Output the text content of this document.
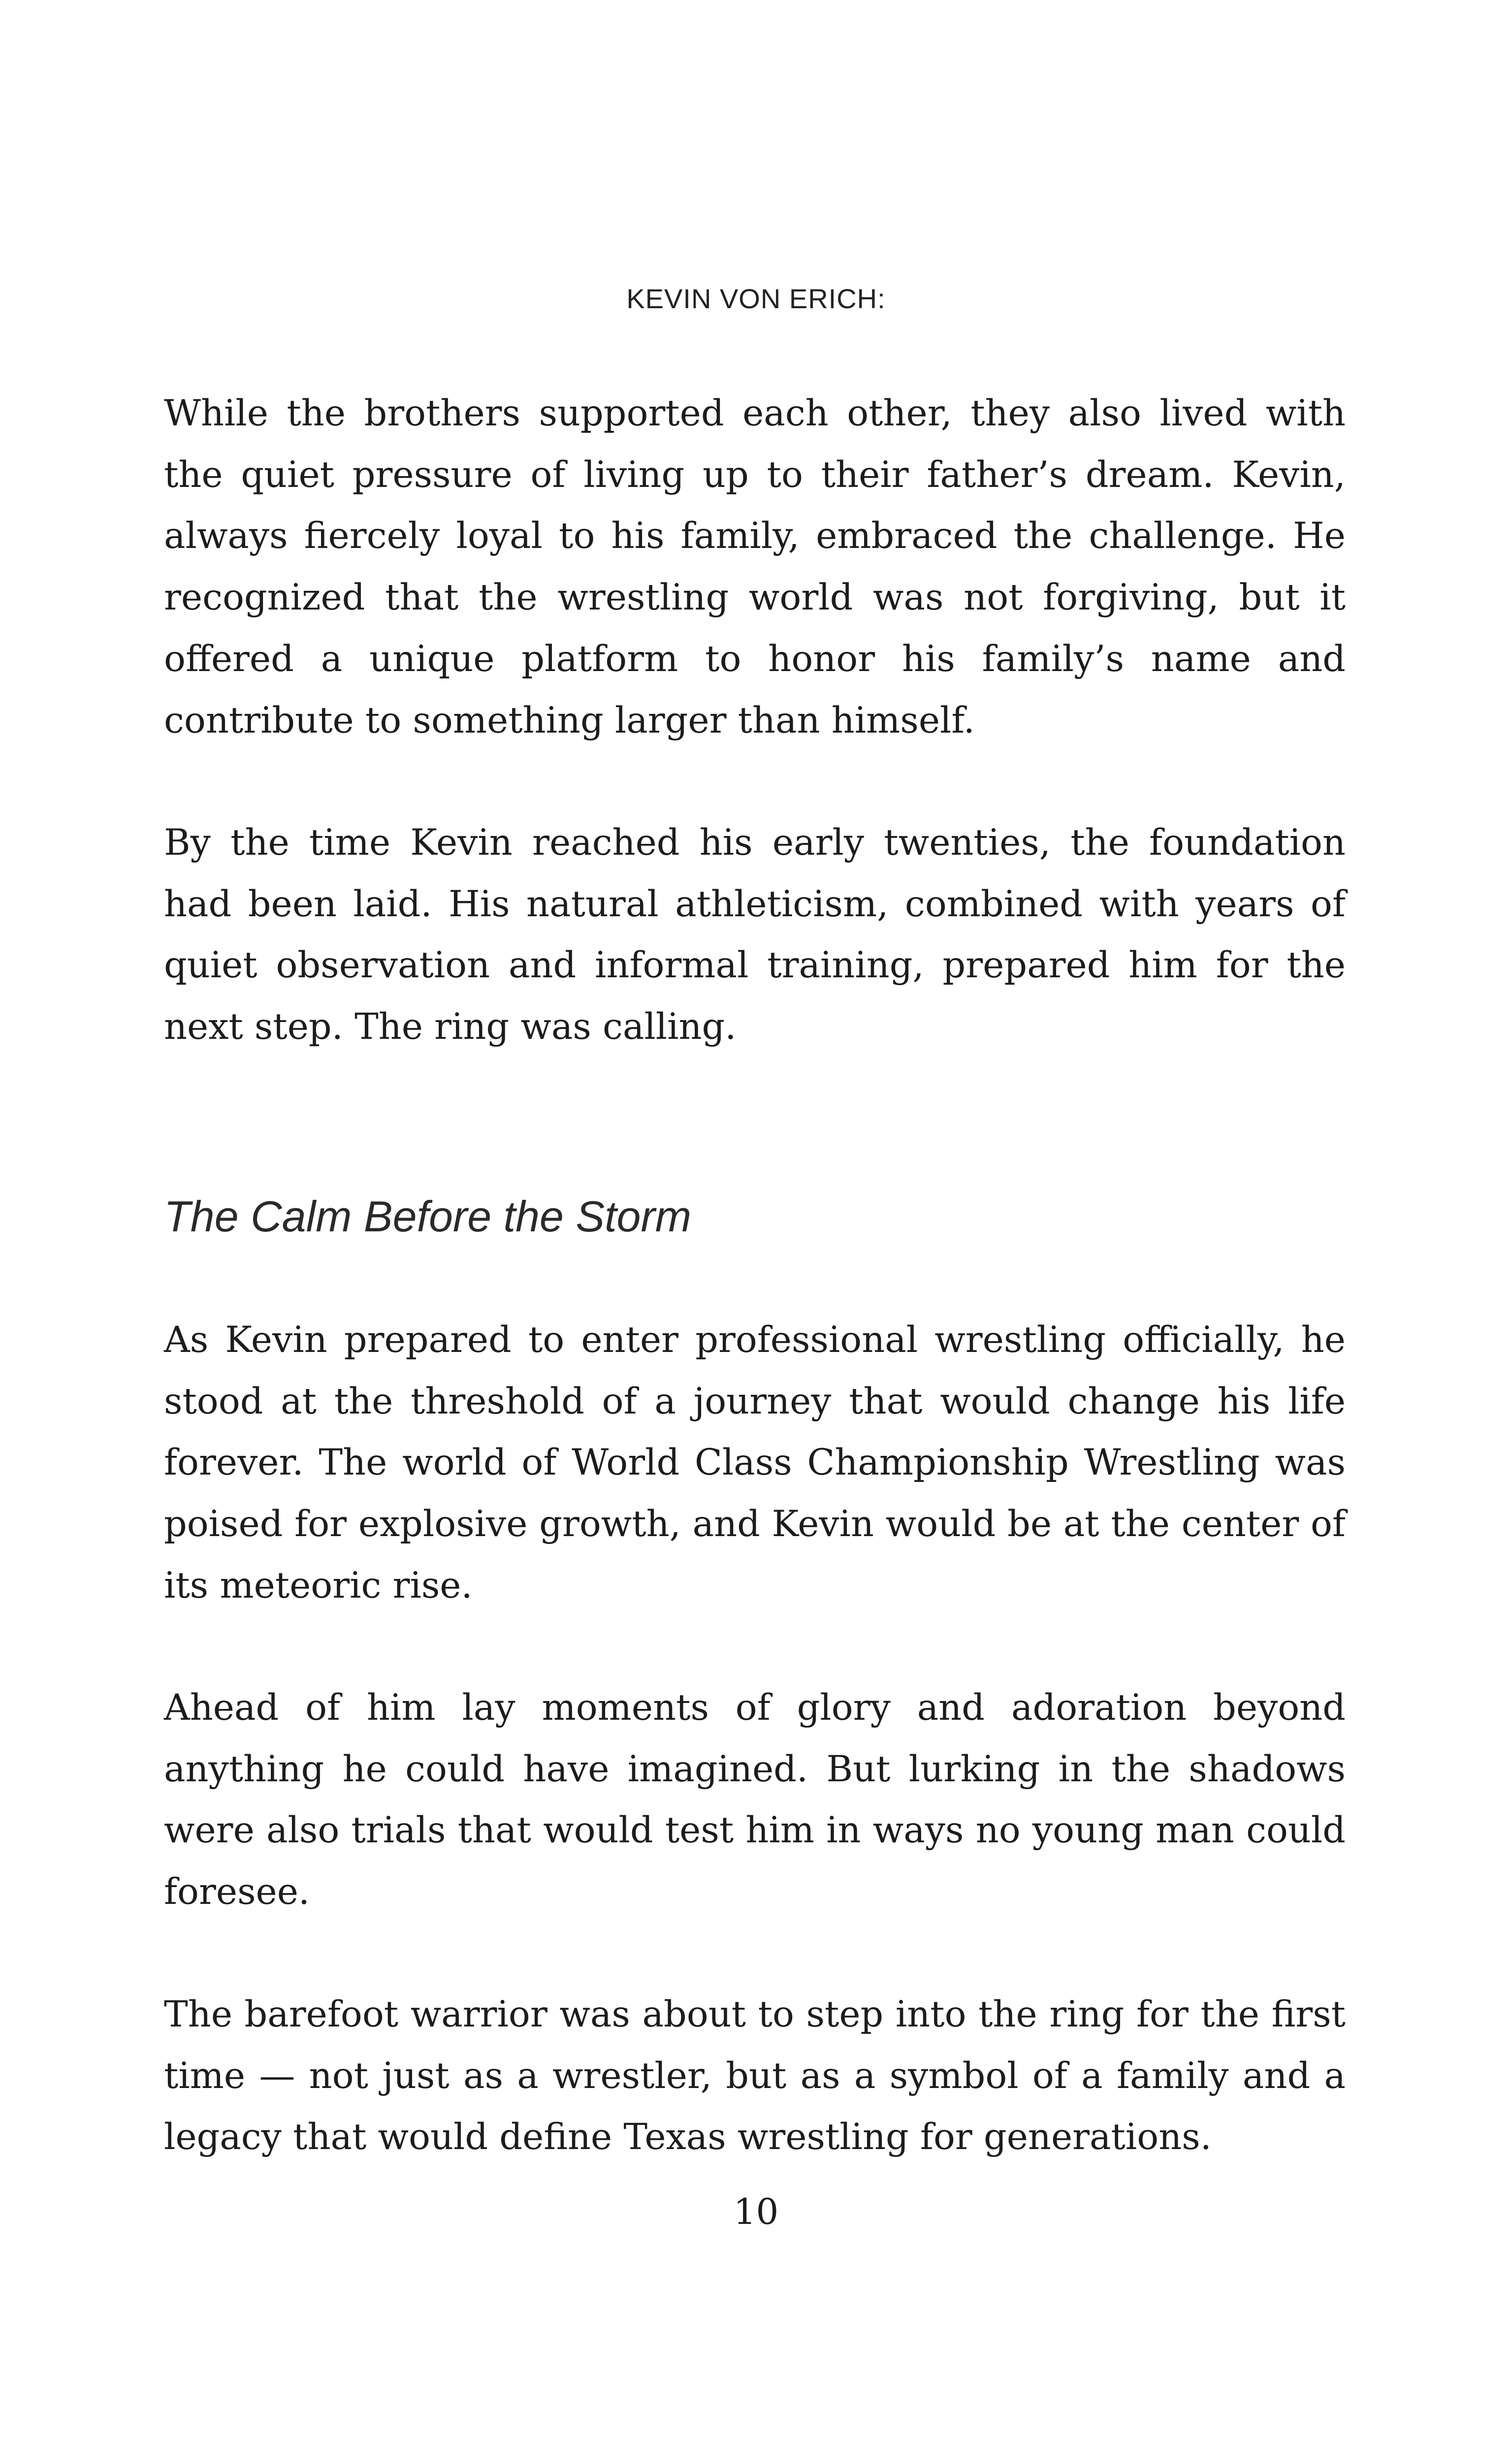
KEVIN VON ERICH:

While the brothers supported each other, they also lived with the quiet pressure of living up to their father’s dream. Kevin, always fiercely loyal to his family, embraced the challenge. He recognized that the wrestling world was not forgiving, but it offered a unique platform to honor his family’s name and contribute to something larger than himself.

By the time Kevin reached his early twenties, the foundation had been laid. His natural athleticism, combined with years of quiet observation and informal training, prepared him for the next step. The ring was calling.

The Calm Before the Storm

As Kevin prepared to enter professional wrestling officially, he stood at the threshold of a journey that would change his life forever. The world of World Class Championship Wrestling was poised for explosive growth, and Kevin would be at the center of its meteoric rise.

Ahead of him lay moments of glory and adoration beyond anything he could have imagined. But lurking in the shadows were also trials that would test him in ways no young man could foresee.

The barefoot warrior was about to step into the ring for the first time — not just as a wrestler, but as a symbol of a family and a legacy that would define Texas wrestling for generations.

10
